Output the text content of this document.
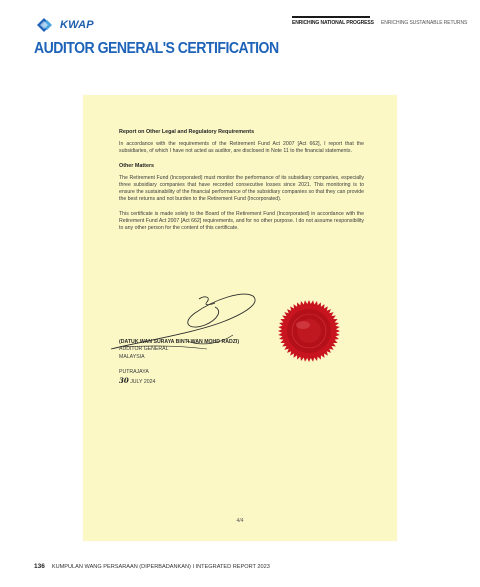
KWAP	ENRICHING NATIONAL PROGRESS ENRICHING SUSTAINABLE RETURNS
AUDITOR GENERAL'S CERTIFICATION

Report on Other Legal and Regulatory Requirements

In accordance with the requirements of the Retirement Fund Act 2007 [Act 662], I report that the subsidiaries, of which I have not acted as auditor, are disclosed in Note 11 to the financial statements.

Other Matters

The Retirement Fund (Incorporated) must monitor the performance of its subsidiary companies, especially three subsidiary companies that have recorded consecutive losses since 2021. This monitoring is to ensure the sustainability of the financial performance of the subsidiary companies so that they can provide the best returns and not burden to the Retirement Fund (Incorporated).

This certificate is made solely to the Board of the Retirement Fund (Incorporated) in accordance with the Retirement Fund Act 2007 [Act 662] requirements, and for no other purpose. I do not assume responsibility to any other person for the content of this certificate.

(DATUK WAN SURAYA BINTI WAN MOHD RADZI)
AUDITOR GENERAL
MALAYSIA
PUTRAJAYA
30 JULY 2024
4/4
136 KUMPULAN WANG PERSARAAN (DIPERBADANKAN) I INTEGRATED REPORT 2023
